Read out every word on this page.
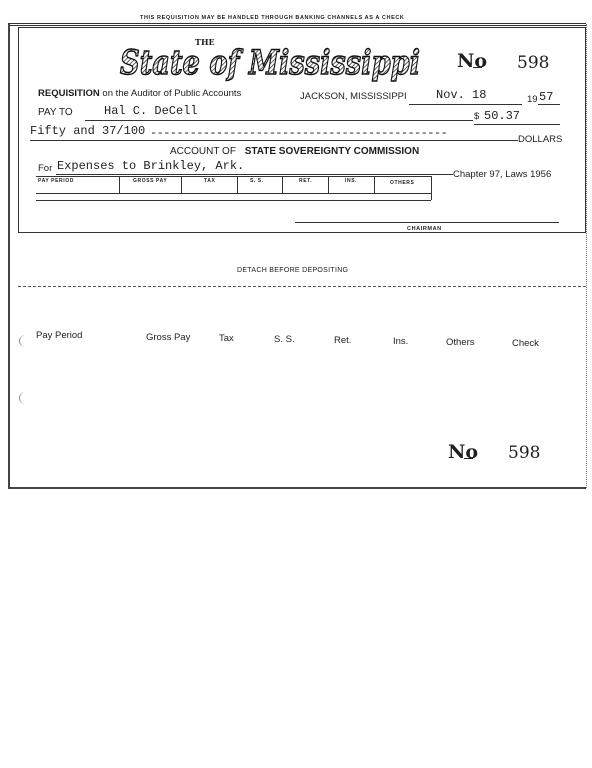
THIS REQUISITION MAY BE HANDLED THROUGH BANKING CHANNELS AS A CHECK
THE
State of Mississippi No 598
REQUISITION on the Auditor of Public Accounts	JACKSON, MISSISSIPPI Nov. 18	19 57
PAY TO	Hal C. DeCell	$ 50.37
Fifty and 37/100 ---------------------------------------------	DOLLARS
ACCOUNT OF STATE SOVEREIGNTY COMMISSION
For Expenses to Brinkley, Ark.
Chapter 97, Laws 1956
PAY PERIOD	GROSS PAY	TAX	S. S.	RET.	INS.	OTHERS
CHAIRMAN
DETACH BEFORE DEPOSITING
Pay Period	Gross Pay	Tax	S. S.	Ret.	Ins.	Others	Check
No 598
